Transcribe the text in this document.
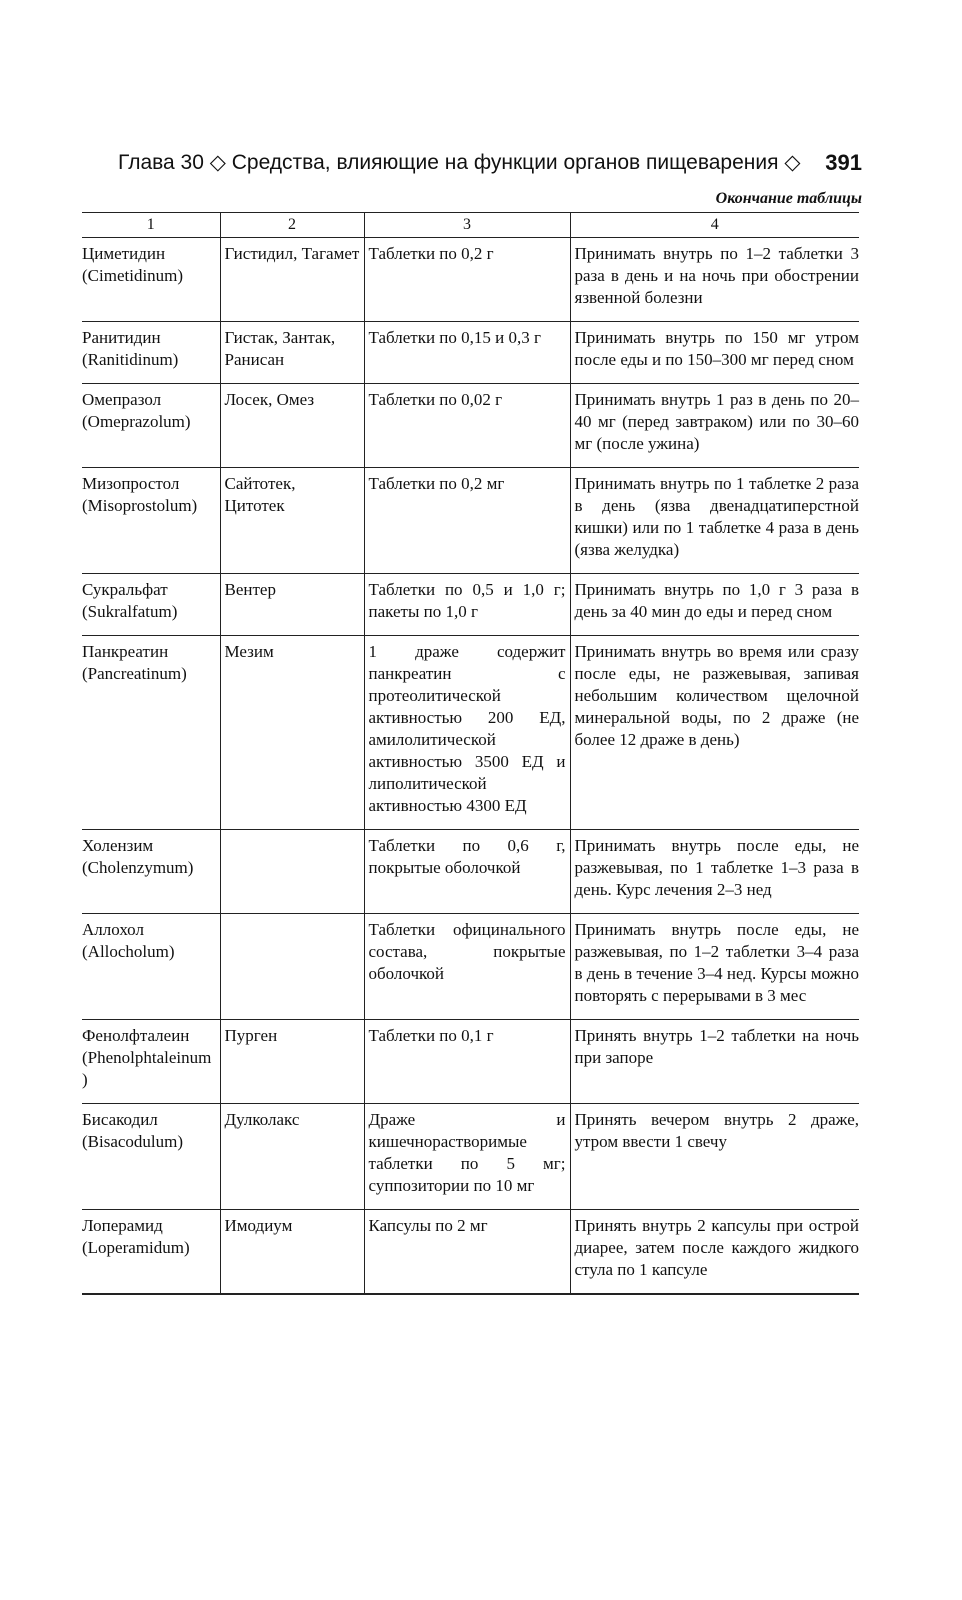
Глава 30 ◇ Средства, влияющие на функции органов пищеварения ◇ 391
Окончание таблицы
1	2	3	4
Циметидин (Cimetidinum)	Гистидил, Тагамет	Таблетки по 0,2 г	Принимать внутрь по 1–2 таблетки 3 раза в день и на ночь при обострении язвенной болезни
Ранитидин (Ranitidinum)	Гистак, Зантак, Ранисан	Таблетки по 0,15 и 0,3 г	Принимать внутрь по 150 мг утром после еды и по 150–300 мг перед сном
Омепразол (Omeprazolum)	Лосек, Омез	Таблетки по 0,02 г	Принимать внутрь 1 раз в день по 20–40 мг (перед завтраком) или по 30–60 мг (после ужина)
Мизопростол (Misoprostolum)	Сайтотек, Цитотек	Таблетки по 0,2 мг	Принимать внутрь по 1 таблетке 2 раза в день (язва двенадцатиперстной кишки) или по 1 таблетке 4 раза в день (язва желудка)
Сукральфат (Sukralfatum)	Вентер	Таблетки по 0,5 и 1,0 г; пакеты по 1,0 г	Принимать внутрь по 1,0 г 3 раза в день за 40 мин до еды и перед сном
Панкреатин (Pancreatinum)	Мезим	1 драже содержит панкреатин с протеолитической активностью 200 ЕД, амилолитической активностью 3500 ЕД и липолитической активностью 4300 ЕД	Принимать внутрь во время или сразу после еды, не разжевывая, запивая небольшим количеством щелочной минеральной воды, по 2 драже (не более 12 драже в день)
Холензим (Cholenzymum)		Таблетки по 0,6 г, покрытые оболочкой	Принимать внутрь после еды, не разжевывая, по 1 таблетке 1–3 раза в день. Курс лечения 2–3 нед
Аллохол (Allocholum)		Таблетки официнального состава, покрытые оболочкой	Принимать внутрь после еды, не разжевывая, по 1–2 таблетки 3–4 раза в день в течение 3–4 нед. Курсы можно повторять с перерывами в 3 мес
Фенолфталеин (Phenolphtaleinum)	Пурген	Таблетки по 0,1 г	Принять внутрь 1–2 таблетки на ночь при запоре
Бисакодил (Bisacodulum)	Дулколакс	Драже и кишечнорастворимые таблетки по 5 мг; суппозитории по 10 мг	Принять вечером внутрь 2 драже, утром ввести 1 свечу
Лоперамид (Loperamidum)	Имодиум	Капсулы по 2 мг	Принять внутрь 2 капсулы при острой диарее, затем после каждого жидкого стула по 1 капсуле
